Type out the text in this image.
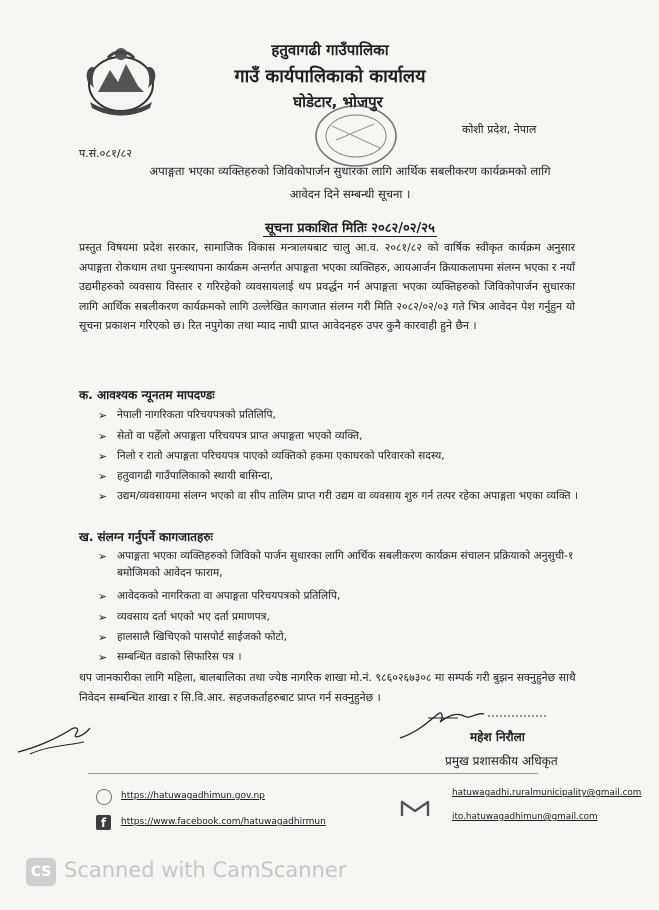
हतुवागढी गाउँपालिका
गाउँ कार्यपालिकाको कार्यालय
घोडेटार, भोजपुर
कोशी प्रदेश, नेपाल
प.सं.०८१/८२
अपाङ्गता भएका व्यक्तिहरुको जिविकोपार्जन सुधारका लागि आर्थिक सबलीकरण कार्यक्रमको लागि
आवेदन दिने सम्बन्धी सूचना ।
सूचना प्रकाशित मितिः २०८२/०२/२५
प्रस्तुत विषयमा प्रदेश सरकार, सामाजिक विकास मन्त्रालयबाट चालु आ.व. २०८१/८२ को वार्षिक स्वीकृत कार्यक्रम अनुसार अपाङ्गता रोकथाम तथा पुनःस्थापना कार्यक्रम अन्तर्गत अपाङ्गता भएका व्यक्तिहरु, आयआर्जन क्रियाकलापमा संलग्न भएका र नयाँ उद्यमीहरुको व्यवसाय विस्तार र गरिरहेको व्यवसायलाई थप प्रवर्द्धन गर्न अपाङ्गता भएका व्यक्तिहरुको जिविकोपार्जन सुधारका लागि आर्थिक सबलीकरण कार्यक्रमको लागि उल्लेखित कागजात संलग्न गरी मिति २०८२/०२/०३ गते भित्र आवेदन पेश गर्नुहुन यो सूचना प्रकाशन गरिएको छ। रित नपुगेका तथा म्याद नाघी प्राप्त आवेदनहरु उपर कुनै कारवाही हुने छैन ।
क. आवश्यक न्यूनतम मापदण्डः
➢ नेपाली नागरिकता परिचयपत्रको प्रतिलिपि,
➢ सेतो वा पहेँलो अपाङ्गता परिचयपत्र प्राप्त अपाङ्गता भएको व्यक्ति,
➢ निलो र रातो अपाङ्गता परिचयपत्र पाएको व्यक्तिको हकमा एकाघरको परिवारको सदस्य,
➢ हतुवागढी गाउँपालिकाको स्थायी बासिन्दा,
➢ उद्यम/व्यवसायमा संलग्न भएको वा सीप तालिम प्राप्त गरी उद्यम वा व्यवसाय शुरु गर्न तत्पर रहेका अपाङ्गता भएका व्यक्ति ।
ख. संलग्न गर्नुपर्ने कागजातहरुः
➢ अपाङ्गता भएका व्यक्तिहरुको जिविको पार्जन सुधारका लागि आर्थिक सबलीकरण कार्यक्रम संचालन प्रक्रियाको अनुसुची-१ बमोजिमको आवेदन फाराम,
➢ आवेदकको नागरिकता वा अपाङ्गता परिचयपत्रको प्रतिलिपि,
➢ व्यवसाय दर्ता भएको भए दर्ता प्रमाणपत्र,
➢ हालसालै खिचिएको पासपोर्ट साईजको फोटो,
➢ सम्बन्धित वडाको सिफारिस पत्र ।
थप जानकारीका लागि महिला, बालबालिका तथा ज्येष्ठ नागरिक शाखा मो.नं. ९८६०२६७३०८ मा सम्पर्क गरी बुझन सक्नुहुनेछ साथै निवेदन सम्बन्धित शाखा र सि.वि.आर. सहजकर्ताहरुबाट प्राप्त गर्न सक्नुहुनेछ ।
महेश निरौला
प्रमुख प्रशासकीय अधिकृत
https://hatuwagadhimun.gov.np
f	https://www.facebook.com/hatuwagadhirmun
hatuwagadhi.ruralmunicipality@gmail.com
ito.hatuwagadhimun@gmail.com
CS Scanned with CamScanner
